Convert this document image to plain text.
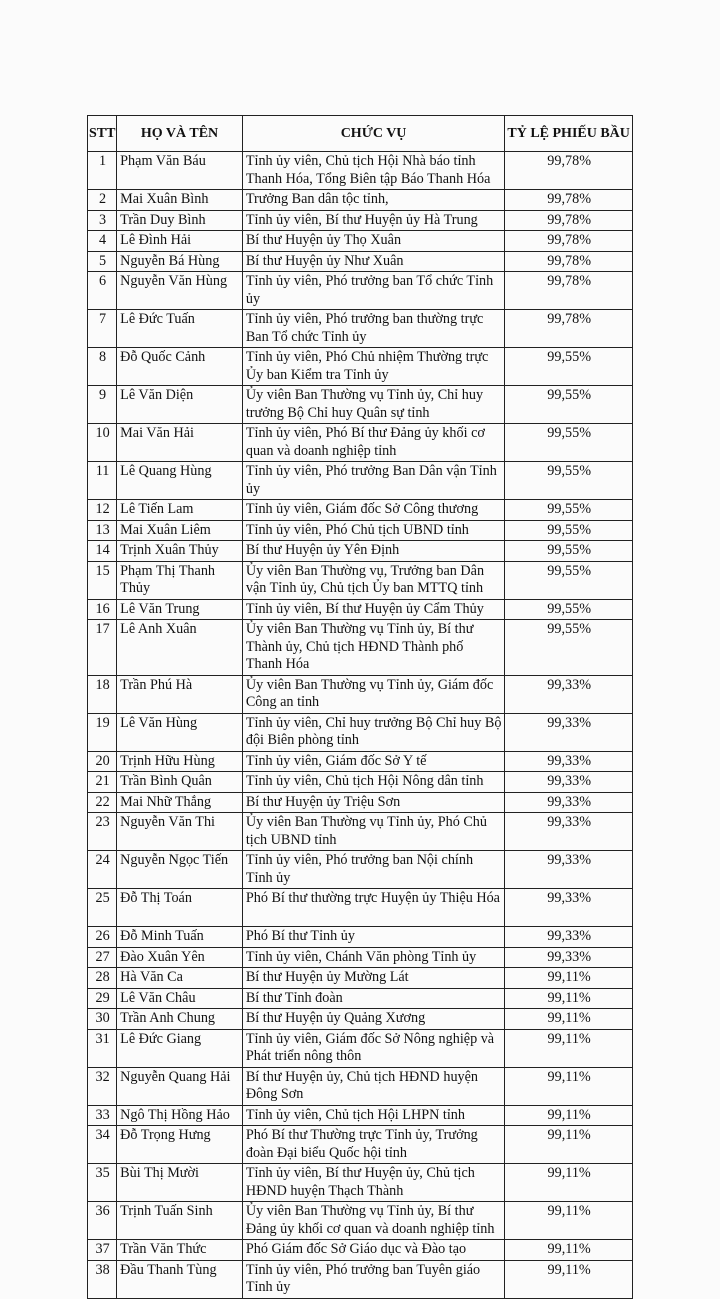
STT	HỌ VÀ TÊN	CHỨC VỤ	TỶ LỆ PHIẾU BẦU
1	Phạm Văn Báu	Tỉnh ủy viên, Chủ tịch Hội Nhà báo tỉnh Thanh Hóa, Tổng Biên tập Báo Thanh Hóa	99,78%
2	Mai Xuân Bình	Trưởng Ban dân tộc tỉnh,	99,78%
3	Trần Duy Bình	Tỉnh ủy viên, Bí thư Huyện ủy Hà Trung	99,78%
4	Lê Đình Hải	Bí thư Huyện ủy Thọ Xuân	99,78%
5	Nguyễn Bá Hùng	Bí thư Huyện ủy Như Xuân	99,78%
6	Nguyễn Văn Hùng	Tỉnh ủy viên, Phó trưởng ban Tổ chức Tỉnh ủy	99,78%
7	Lê Đức Tuấn	Tỉnh ủy viên, Phó trưởng ban thường trực Ban Tổ chức Tỉnh ủy	99,78%
8	Đỗ Quốc Cảnh	Tỉnh ủy viên, Phó Chủ nhiệm Thường trực Ủy ban Kiểm tra Tỉnh ủy	99,55%
9	Lê Văn Diện	Ủy viên Ban Thường vụ Tỉnh ủy, Chỉ huy trưởng Bộ Chỉ huy Quân sự tỉnh	99,55%
10	Mai Văn Hải	Tỉnh ủy viên, Phó Bí thư Đảng ủy khối cơ quan và doanh nghiệp tỉnh	99,55%
11	Lê Quang Hùng	Tỉnh ủy viên, Phó trưởng Ban Dân vận Tỉnh ủy	99,55%
12	Lê Tiến Lam	Tỉnh ủy viên, Giám đốc Sở Công thương	99,55%
13	Mai Xuân Liêm	Tỉnh ủy viên, Phó Chủ tịch UBND tỉnh	99,55%
14	Trịnh Xuân Thủy	Bí thư Huyện ủy Yên Định	99,55%
15	Phạm Thị Thanh Thủy	Ủy viên Ban Thường vụ, Trưởng ban Dân vận Tỉnh ủy, Chủ tịch Ủy ban MTTQ tỉnh	99,55%
16	Lê Văn Trung	Tỉnh ủy viên, Bí thư Huyện ủy Cẩm Thủy	99,55%
17	Lê Anh Xuân	Ủy viên Ban Thường vụ Tỉnh ủy, Bí thư Thành ủy, Chủ tịch HĐND Thành phố Thanh Hóa	99,55%
18	Trần Phú Hà	Ủy viên Ban Thường vụ Tỉnh ủy, Giám đốc Công an tỉnh	99,33%
19	Lê Văn Hùng	Tỉnh ủy viên, Chỉ huy trưởng Bộ Chỉ huy Bộ đội Biên phòng tỉnh	99,33%
20	Trịnh Hữu Hùng	Tỉnh ủy viên, Giám đốc Sở Y tế	99,33%
21	Trần Bình Quân	Tỉnh ủy viên, Chủ tịch Hội Nông dân tỉnh	99,33%
22	Mai Nhữ Thắng	Bí thư Huyện ủy Triệu Sơn	99,33%
23	Nguyễn Văn Thi	Ủy viên Ban Thường vụ Tỉnh ủy, Phó Chủ tịch UBND tỉnh	99,33%
24	Nguyễn Ngọc Tiến	Tỉnh ủy viên, Phó trưởng ban Nội chính Tỉnh ủy	99,33%
25	Đỗ Thị Toán	Phó Bí thư thường trực Huyện ủy Thiệu Hóa	99,33%
26	Đỗ Minh Tuấn	Phó Bí thư Tỉnh ủy	99,33%
27	Đào Xuân Yên	Tỉnh ủy viên, Chánh Văn phòng Tỉnh ủy	99,33%
28	Hà Văn Ca	Bí thư Huyện ủy Mường Lát	99,11%
29	Lê Văn Châu	Bí thư Tỉnh đoàn	99,11%
30	Trần Anh Chung	Bí thư Huyện ủy Quảng Xương	99,11%
31	Lê Đức Giang	Tỉnh ủy viên, Giám đốc Sở Nông nghiệp và Phát triển nông thôn	99,11%
32	Nguyễn Quang Hải	Bí thư Huyện ủy, Chủ tịch HĐND huyện Đông Sơn	99,11%
33	Ngô Thị Hồng Hảo	Tỉnh ủy viên, Chủ tịch Hội LHPN tỉnh	99,11%
34	Đỗ Trọng Hưng	Phó Bí thư Thường trực Tỉnh ủy, Trưởng đoàn Đại biểu Quốc hội tỉnh	99,11%
35	Bùi Thị Mười	Tỉnh ủy viên, Bí thư Huyện ủy, Chủ tịch HĐND huyện Thạch Thành	99,11%
36	Trịnh Tuấn Sinh	Ủy viên Ban Thường vụ Tỉnh ủy, Bí thư Đảng ủy khối cơ quan và doanh nghiệp tỉnh	99,11%
37	Trần Văn Thức	Phó Giám đốc Sở Giáo dục và Đào tạo	99,11%
38	Đầu Thanh Tùng	Tỉnh ủy viên, Phó trưởng ban Tuyên giáo Tỉnh ủy	99,11%
